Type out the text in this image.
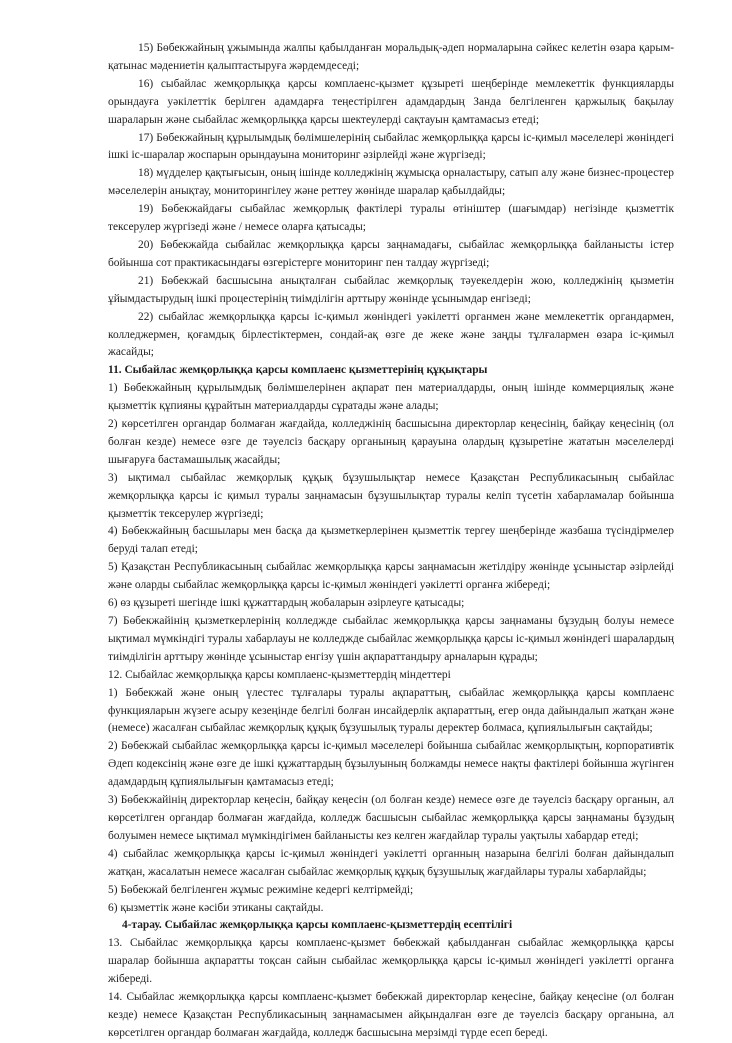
15) Бөбекжайның ұжымында жалпы қабылданған моральдық-әдеп нормаларына сәйкес келетін өзара қарым-қатынас мәдениетін қалыптастыруға жәрдемдеседі;

16) сыбайлас жемқорлыққа қарсы комплаенс-қызмет құзыреті шеңберінде мемлекеттік функцияларды орындауға уәкілеттік берілген адамдарға теңестірілген адамдардың Занда белгіленген қаржылық бақылау шараларын және сыбайлас жемқорлыққа қарсы шектеулерді сақтауын қамтамасыз етеді;

17) Бөбекжайның құрылымдық бөлімшелерінің сыбайлас жемқорлыққа қарсы іс-қимыл мәселелері жөніндегі ішкі іс-шаралар жоспарын орындауына мониторинг әзірлейді және жүргізеді;

18) мүдделер қақтығысын, оның ішінде колледжінің жұмысқа орналастыру, сатып алу және бизнес-процестер мәселелерін анықтау, мониторингілеу және реттеу жөнінде шаралар қабылдайды;

19) Бөбекжайдағы сыбайлас жемқорлық фактілері туралы өтініштер (шағымдар) негізінде қызметтік тексерулер жүргізеді және / немесе оларға қатысады;

20) Бөбекжайда сыбайлас жемқорлыққа қарсы заңнамадағы, сыбайлас жемқорлыққа байланысты істер бойынша сот практикасындағы өзгерістерге мониторинг пен талдау жүргізеді;

21) Бөбекжай басшысына анықталған сыбайлас жемқорлық тәуекелдерін жою, колледжінің қызметін ұйымдастырудың ішкі процестерінің тиімділігін арттыру жөнінде ұсынымдар енгізеді;

22) сыбайлас жемқорлыққа қарсы іс-қимыл жөніндегі уәкілетті органмен және мемлекеттік органдармен, колледжермен, қоғамдық бірлестіктермен, сондай-ақ өзге де жеке және заңды тұлғалармен өзара іс-қимыл жасайды;

11. Сыбайлас жемқорлыққа қарсы комплаенс қызметтерінің құқықтары

1) Бөбекжайның құрылымдық бөлімшелерінен ақпарат пен материалдарды, оның ішінде коммерциялық және қызметтік құпияны құрайтын материалдарды сұратады және алады;

2) көрсетілген органдар болмаған жағдайда, колледжінің басшысына директорлар кеңесінің, байқау кеңесінің (ол болған кезде) немесе өзге де тәуелсіз басқару органының қарауына олардың құзыретіне жататын мәселелерді шығаруға бастамашылық жасайды;

3) ықтимал сыбайлас жемқорлық құқық бұзушылықтар немесе Қазақстан Республикасының сыбайлас жемқорлыққа қарсы іс қимыл туралы заңнамасын бұзушылықтар туралы келіп түсетін хабарламалар бойынша қызметтік тексерулер жүргізеді;

4) Бөбекжайның басшылары мен басқа да қызметкерлерінен қызметтік тергеу шеңберінде жазбаша түсіндірмелер беруді талап етеді;

5) Қазақстан Республикасының сыбайлас жемқорлыққа қарсы заңнамасын жетілдіру жөнінде ұсыныстар әзірлейді және оларды сыбайлас жемқорлыққа қарсы іс-қимыл жөніндегі уәкілетті органға жібереді;

6) өз құзыреті шегінде ішкі құжаттардың жобаларын әзірлеуге қатысады;

7) Бөбекжайінің қызметкерлерінің колледжде сыбайлас жемқорлыққа қарсы заңнаманы бұзудың болуы немесе ықтимал мүмкіндігі туралы хабарлауы не колледжде сыбайлас жемқорлыққа қарсы іс-қимыл жөніндегі шаралардың тиімділігін арттыру жөнінде ұсыныстар енгізу үшін ақпараттандыру арналарын құрады;

12. Сыбайлас жемқорлыққа қарсы комплаенс-қызметтердің міндеттері

1) Бөбекжай және оның үлестес тұлғалары туралы ақпараттың, сыбайлас жемқорлыққа қарсы комплаенс функцияларын жүзеге асыру кезеңінде белгілі болған инсайдерлік ақпараттың, егер онда дайындалып жатқан және (немесе) жасалған сыбайлас жемқорлық құқық бұзушылық туралы деректер болмаса, құпиялылығын сақтайды;

2) Бөбекжай сыбайлас жемқорлыққа қарсы іс-қимыл мәселелері бойынша сыбайлас жемқорлықтың, корпоративтік Әдеп кодексінің және өзге де ішкі құжаттардың бұзылуының болжамды немесе нақты фактілері бойынша жүгінген адамдардың құпиялылығын қамтамасыз етеді;

3) Бөбекжайінің директорлар кеңесін, байқау кеңесін (ол болған кезде) немесе өзге де тәуелсіз басқару органын, ал көрсетілген органдар болмаған жағдайда, колледж басшысын сыбайлас жемқорлыққа қарсы заңнаманы бұзудың болуымен немесе ықтимал мүмкіндігімен байланысты кез келген жағдайлар туралы уақтылы хабардар етеді;

4) сыбайлас жемқорлыққа қарсы іс-қимыл жөніндегі уәкілетті органның назарына белгілі болған дайындалып жатқан, жасалатын немесе жасалған сыбайлас жемқорлық құқық бұзушылық жағдайлары туралы хабарлайды;

5) Бөбекжай белгіленген жұмыс режиміне кедергі келтірмейді;

6) қызметтік және кәсіби этиканы сақтайды.

4-тарау. Сыбайлас жемқорлыққа қарсы комплаенс-қызметтердің есептілігі

13. Сыбайлас жемқорлыққа қарсы комплаенс-қызмет бөбекжай қабылданған сыбайлас жемқорлыққа қарсы шаралар бойынша ақпаратты тоқсан сайын сыбайлас жемқорлыққа қарсы іс-қимыл жөніндегі уәкілетті органға жібереді.

14. Сыбайлас жемқорлыққа қарсы комплаенс-қызмет бөбекжай директорлар кеңесіне, байқау кеңесіне (ол болған кезде) немесе Қазақстан Республикасының заңнамасымен айқындалған өзге де тәуелсіз басқару органына, ал көрсетілген органдар болмаған жағдайда, колледж басшысына мерзімді түрде есеп береді.
